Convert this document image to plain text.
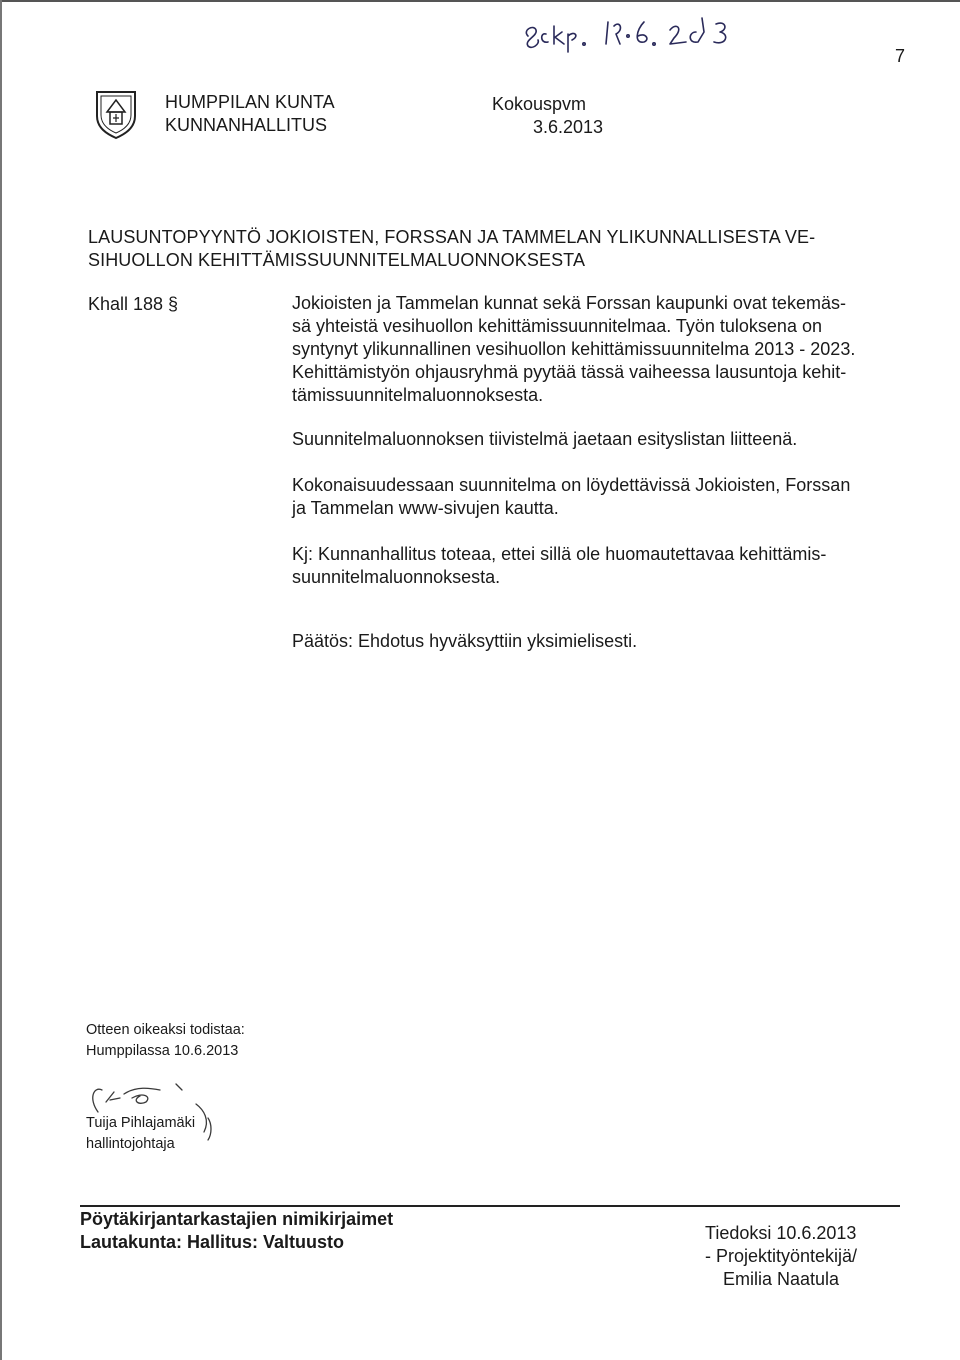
7
HUMPPILAN KUNTA
KUNNANHALLITUS
Kokouspvm
3.6.2013
LAUSUNTOPYYNTÖ JOKIOISTEN, FORSSAN JA TAMMELAN YLIKUNNALLISESTA VE-
SIHUOLLON KEHITTÄMISSUUNNITELMALUONNOKSESTA
Khall 188 §	Jokioisten ja Tammelan kunnat sekä Forssan kaupunki ovat tekemäs-

sä yhteistä vesihuollon kehittämissuunnitelmaa. Työn tuloksena on

syntynyt ylikunnallinen vesihuollon kehittämissuunnitelma 2013 - 2023.

Kehittämistyön ohjausryhmä pyytää tässä vaiheessa lausuntoja kehit-

tämissuunnitelmaluonnoksesta.

Suunnitelmaluonnoksen tiivistelmä jaetaan esityslistan liitteenä.

Kokonaisuudessaan suunnitelma on löydettävissä Jokioisten, Forssan

ja Tammelan www-sivujen kautta.

Kj: Kunnanhallitus toteaa, ettei sillä ole huomautettavaa kehittämis-

suunnitelmaluonnoksesta.

Päätös: Ehdotus hyväksyttiin yksimielisesti.

Otteen oikeaksi todistaa:
Humppilassa 10.6.2013
Tuija Pihlajamäki
hallintojohtaja
Pöytäkirjantarkastajien nimikirjaimet
Lautakunta: Hallitus: Valtuusto	Tiedoksi 10.6.2013
- Projektityöntekijä/
Emilia Naatula
